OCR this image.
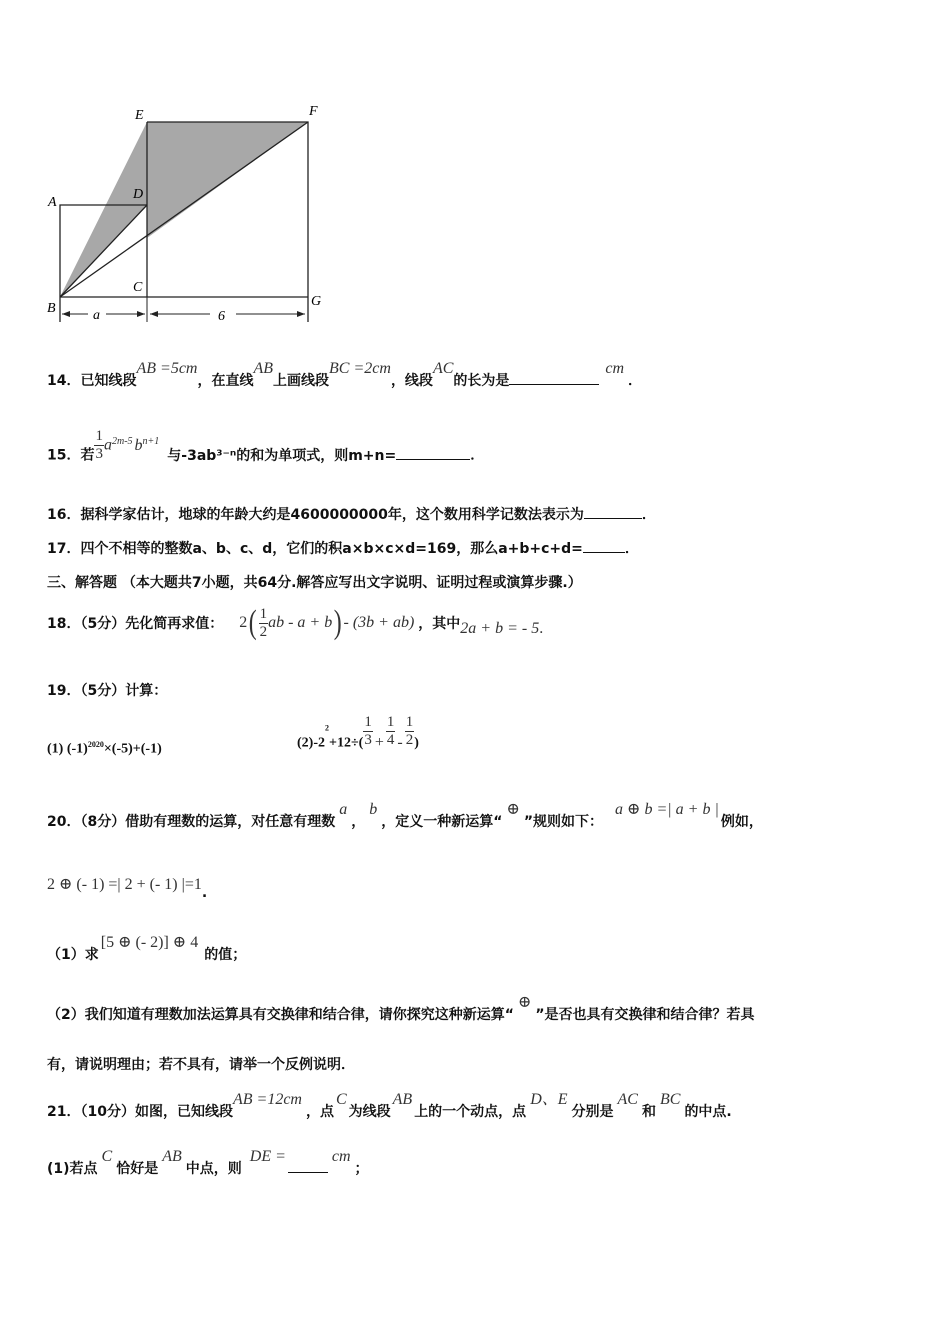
E	F
A
D
C
B	G
a	6
14．已知线段AB =5cm，在直线AB上画线段BC =2cm，线段AC的长为是cm．
15．若 $\frac{1}{3} a^{2m-5}$ $b^{n+1}$与-3ab³⁻ⁿ的和为单项式，则m+n=	．
16．据科学家估计，地球的年龄大约是4600000000年，这个数用科学记数法表示为	．
17．四个不相等的整数a、b、c、d，它们的积a×b×c×d=169，那么a+b+c+d=	．
三、解答题 （本大题共7小题，共64分.解答应写出文字说明、证明过程或演算步骤.）
18．（5分）先化简再求值： $2( \frac{1}{2}$ ab - a + b) - (3b + ab) ，其中2a + b = - 5.
19．（5分）计算：
(1) $(-1)^{2020}\times(-5)+(-1)$	$(2)-2^2+12\div( \frac{1}{3} + \frac{1}{4} - \frac{1}{2}$ )
20．（8分）借助有理数的运算，对任意有理数a，b，定义一种新运算“⊕”规则如下：a ⊕ b =| a + b |例如，
2 ⊕ (- 1) =| 2 + (- 1) |=1.
（1）求[5 ⊕ (- 2)] ⊕ 4的值；
（2）我们知道有理数加法运算具有交换律和结合律，请你探究这种新运算“⊕”是否也具有交换律和结合律？若具
有，请说明理由；若不具有，请举一个反例说明．
21．（10分）如图，已知线段AB =12cm，点C为线段AB上的一个动点，点D、E分别是AC和BC的中点.
(1)若点C恰好是AB中点，则DE =	cm；
